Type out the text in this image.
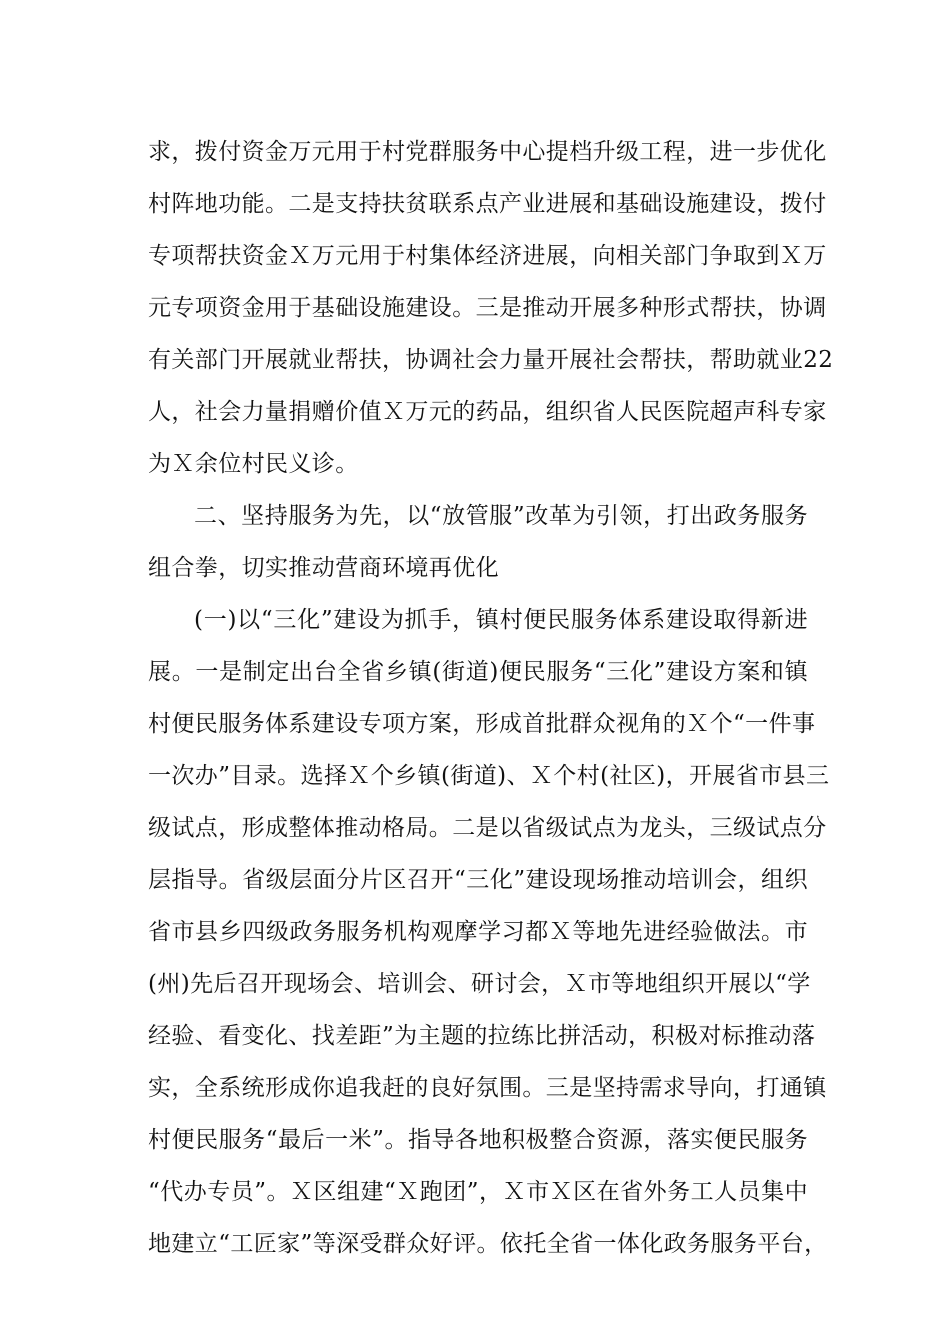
求，拨付资金万元用于村党群服务中心提档升级工程，进一步优化
村阵地功能。二是支持扶贫联系点产业进展和基础设施建设，拨付
专项帮扶资金Ｘ万元用于村集体经济进展，向相关部门争取到Ｘ万
元专项资金用于基础设施建设。三是推动开展多种形式帮扶，协调
有关部门开展就业帮扶，协调社会力量开展社会帮扶，帮助就业22
人，社会力量捐赠价值Ｘ万元的药品，组织省人民医院超声科专家
为Ｘ余位村民义诊。
二、坚持服务为先，以“放管服”改革为引领，打出政务服务
组合拳，切实推动营商环境再优化
(一)以“三化”建设为抓手，镇村便民服务体系建设取得新进
展。一是制定出台全省乡镇(街道)便民服务“三化”建设方案和镇
村便民服务体系建设专项方案，形成首批群众视角的Ｘ个“一件事
一次办”目录。选择Ｘ个乡镇(街道)、Ｘ个村(社区)，开展省市县三
级试点，形成整体推动格局。二是以省级试点为龙头，三级试点分
层指导。省级层面分片区召开“三化”建设现场推动培训会，组织
省市县乡四级政务服务机构观摩学习都Ｘ等地先进经验做法。市
(州)先后召开现场会、培训会、研讨会，Ｘ市等地组织开展以“学
经验、看变化、找差距”为主题的拉练比拼活动，积极对标推动落
实，全系统形成你追我赶的良好氛围。三是坚持需求导向，打通镇
村便民服务“最后一米”。指导各地积极整合资源，落实便民服务
“代办专员”。Ｘ区组建“Ｘ跑团”，Ｘ市Ｘ区在省外务工人员集中
地建立“工匠家”等深受群众好评。依托全省一体化政务服务平台，
